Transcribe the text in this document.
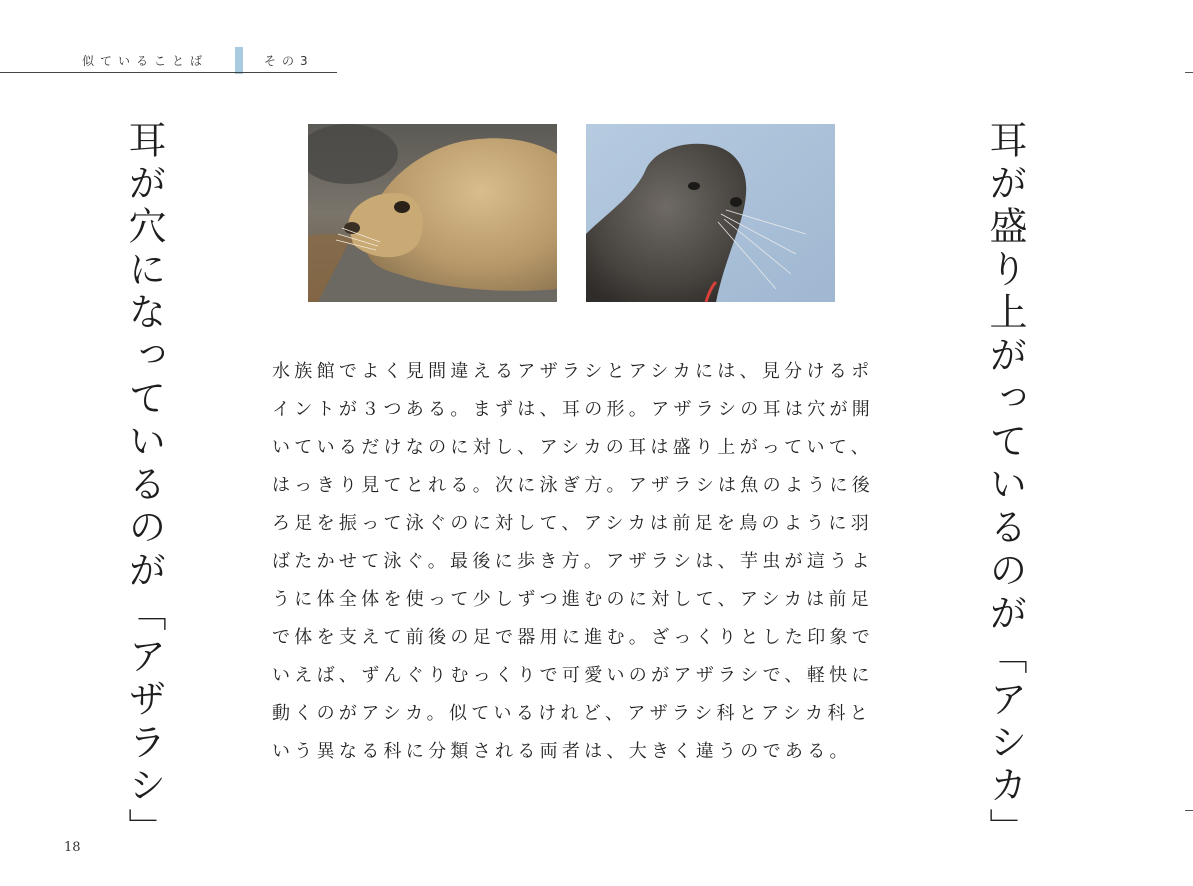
似ていることば	その3
耳が穴になっているのが「アザラシ」	耳が盛り上がっているのが「アシカ」
水族館でよく見間違えるアザラシとアシカには、見分けるポ
イントが３つある。まずは、耳の形。アザラシの耳は穴が開
いているだけなのに対し、アシカの耳は盛り上がっていて、
はっきり見てとれる。次に泳ぎ方。アザラシは魚のように後
ろ足を振って泳ぐのに対して、アシカは前足を鳥のように羽
ばたかせて泳ぐ。最後に歩き方。アザラシは、芋虫が這うよ
うに体全体を使って少しずつ進むのに対して、アシカは前足
で体を支えて前後の足で器用に進む。ざっくりとした印象で
いえば、ずんぐりむっくりで可愛いのがアザラシで、軽快に
動くのがアシカ。似ているけれど、アザラシ科とアシカ科と
いう異なる科に分類される両者は、大きく違うのである。
18
